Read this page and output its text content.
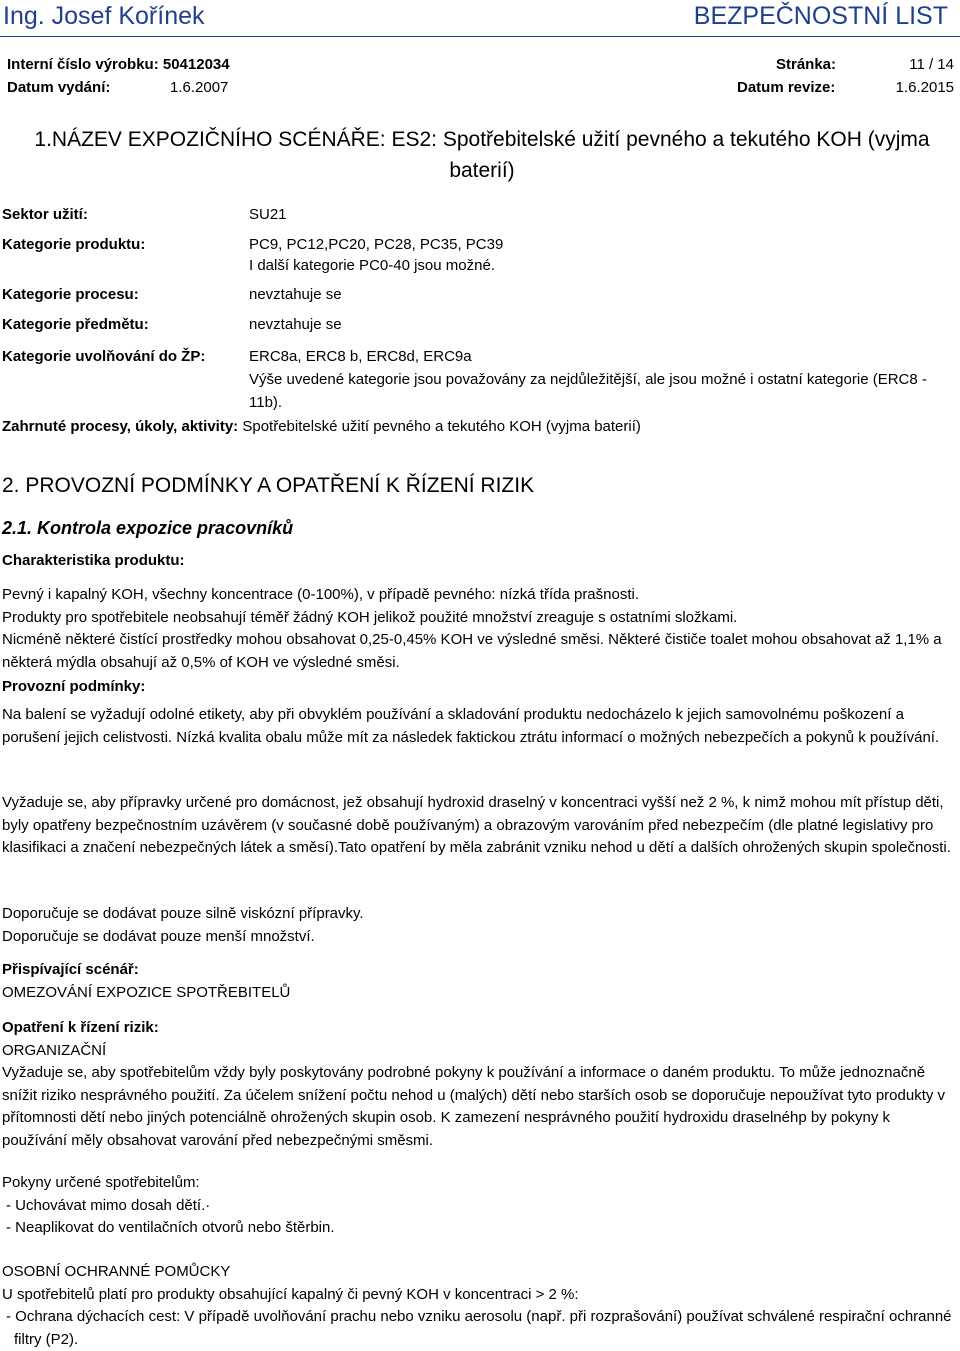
Ing. Josef Kořínek	BEZPEČNOSTNÍ LIST
Interní číslo výrobku: 50412034	Stránka:	11 / 14
Datum vydání:	1.6.2007	Datum revize:	1.6.2015
1.NÁZEV EXPOZIČNÍHO SCÉNÁŘE: ES2: Spotřebitelské užití pevného a tekutého KOH (vyjma baterií)
Sektor užití:	SU21
Kategorie produktu:	PC9, PC12,PC20, PC28, PC35, PC39
I další kategorie PC0-40 jsou možné.
Kategorie procesu:	nevztahuje se
Kategorie předmětu:	nevztahuje se
Kategorie uvolňování do ŽP:	ERC8a, ERC8 b, ERC8d, ERC9a
Výše uvedené kategorie jsou považovány za nejdůležitější, ale jsou možné i ostatní kategorie (ERC8 -
11b).
Zahrnuté procesy, úkoly, aktivity: Spotřebitelské užití pevného a tekutého KOH (vyjma baterií)
2. PROVOZNÍ PODMÍNKY A OPATŘENÍ K ŘÍZENÍ RIZIK
2.1. Kontrola expozice pracovníků

Charakteristika produktu:

Pevný i kapalný KOH, všechny koncentrace (0-100%), v případě pevného: nízká třída prašnosti.

Produkty pro spotřebitele neobsahují téměř žádný KOH jelikož použité množství zreaguje s ostatními složkami.

Nicméně některé čistící prostředky mohou obsahovat 0,25-0,45% KOH ve výsledné směsi. Některé čističe toalet mohou obsahovat až 1,1% a některá mýdla obsahují až 0,5% of KOH ve výsledné směsi.

Provozní podmínky:

Na balení se vyžadují odolné etikety, aby při obvyklém používání a skladování produktu nedocházelo k jejich samovolnému poškození a porušení jejich celistvosti. Nízká kvalita obalu může mít za následek faktickou ztrátu informací o možných nebezpečích a pokynů k používání.

Vyžaduje se, aby přípravky určené pro domácnost, jež obsahují hydroxid draselný v koncentraci vyšší než 2 %, k nimž mohou mít přístup děti, byly opatřeny bezpečnostním uzávěrem (v současné době používaným) a obrazovým varováním před nebezpečím (dle platné legislativy pro klasifikaci a značení nebezpečných látek a směsí).Tato opatření by měla zabránit vzniku nehod u dětí a dalších ohrožených skupin společnosti.

Doporučuje se dodávat pouze silně viskózní přípravky.

Doporučuje se dodávat pouze menší množství.

Přispívající scénář:

OMEZOVÁNÍ EXPOZICE SPOTŘEBITELŮ

Opatření k řízení rizik:

ORGANIZAČNÍ

Vyžaduje se, aby spotřebitelům vždy byly poskytovány podrobné pokyny k používání a informace o daném produktu. To může jednoznačně snížit riziko nesprávného použití. Za účelem snížení počtu nehod u (malých) dětí nebo starších osob se doporučuje nepoužívat tyto produkty v přítomnosti dětí nebo jiných potenciálně ohrožených skupin osob. K zamezení nesprávného použití hydroxidu draselnéhp by pokyny k používání měly obsahovat varování před nebezpečnými směsmi.

Pokyny určené spotřebitelům:

- Uchovávat mimo dosah dětí.·
- Neaplikovat do ventilačních otvorů nebo štěrbin.

OSOBNÍ OCHRANNÉ POMŮCKY

U spotřebitelů platí pro produkty obsahující kapalný či pevný KOH v koncentraci > 2 %:

- Ochrana dýchacích cest: V případě uvolňování prachu nebo vzniku aerosolu (např. při rozprašování) používat schválené respirační ochranné filtry (P2).
